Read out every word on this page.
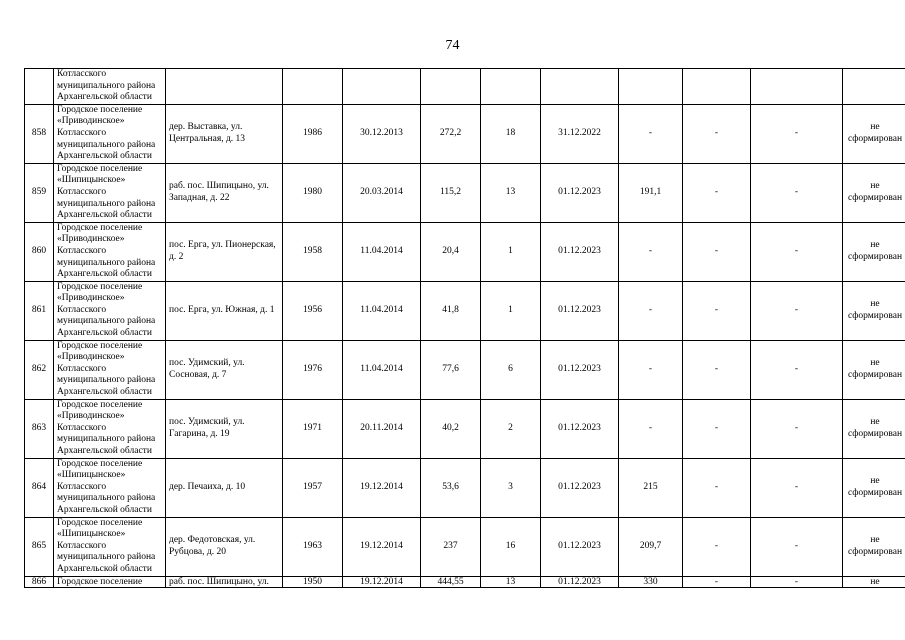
74
	Котласского муниципального района Архангельской области										
858	Городское поселение «Приводинское» Котласского муниципального района Архангельской области	дер. Выставка, ул. Центральная, д. 13	1986	30.12.2013	272,2	18	31.12.2022	-	-	-	не сформирован
859	Городское поселение «Шипицынское» Котласского муниципального района Архангельской области	раб. пос. Шипицыно, ул. Западная, д. 22	1980	20.03.2014	115,2	13	01.12.2023	191,1	-	-	не сформирован
860	Городское поселение «Приводинское» Котласского муниципального района Архангельской области	пос. Ерга, ул. Пионерская, д. 2	1958	11.04.2014	20,4	1	01.12.2023	-	-	-	не сформирован
861	Городское поселение «Приводинское» Котласского муниципального района Архангельской области	пос. Ерга, ул. Южная, д. 1	1956	11.04.2014	41,8	1	01.12.2023	-	-	-	не сформирован
862	Городское поселение «Приводинское» Котласского муниципального района Архангельской области	пос. Удимский, ул. Сосновая, д. 7	1976	11.04.2014	77,6	6	01.12.2023	-	-	-	не сформирован
863	Городское поселение «Приводинское» Котласского муниципального района Архангельской области	пос. Удимский, ул. Гагарина, д. 19	1971	20.11.2014	40,2	2	01.12.2023	-	-	-	не сформирован
864	Городское поселение «Шипицынское» Котласского муниципального района Архангельской области	дер. Печаиха, д. 10	1957	19.12.2014	53,6	3	01.12.2023	215	-	-	не сформирован
865	Городское поселение «Шипицынское» Котласского муниципального района Архангельской области	дер. Федотовская, ул. Рубцова, д. 20	1963	19.12.2014	237	16	01.12.2023	209,7	-	-	не сформирован
866	Городское поселение	раб. пос. Шипицыно, ул.	1950	19.12.2014	444,55	13	01.12.2023	330	-	-	не
